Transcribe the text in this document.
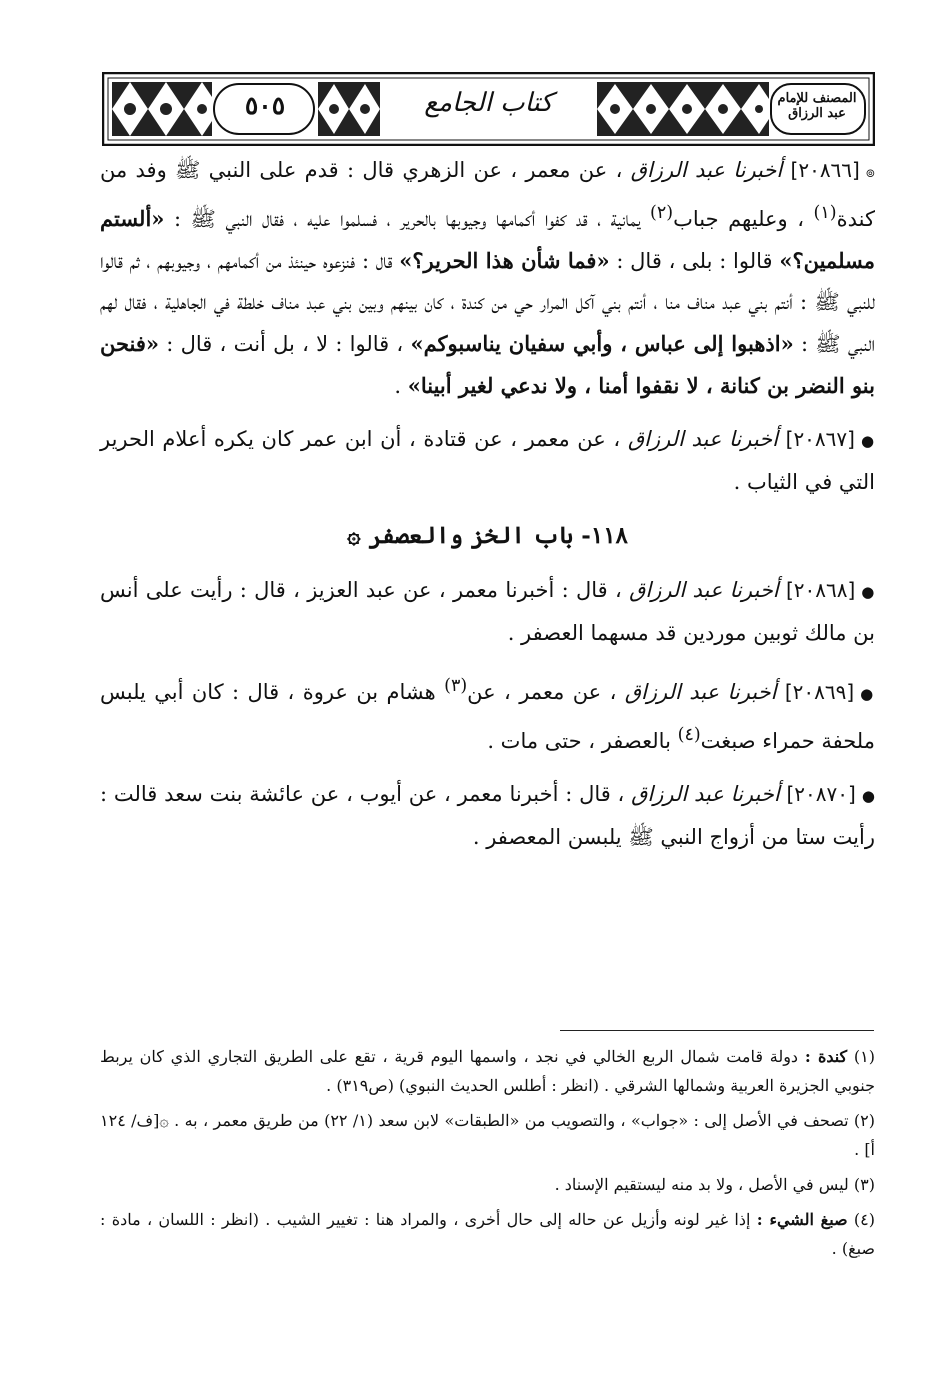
٥٠٥	كتاب الجامع	المصنف للإمام عبد الرزاق

๏[٢٠٨٦٦] أخبرنا عبد الرزاق ، عن معمر ، عن الزهري قال : قدم على النبي ﷺ وفد من كندة$^{(١)}$ ، وعليهم جباب$^{(٢)}$ يمانية ، قد كفوا أكمامها وجيوبها بالحرير ، فسلموا عليه ، فقال النبي ﷺ : «ألستم مسلمين؟» قالوا : بلى ، قال : «فما شأن هذا الحرير؟» قال : فنزعوه حينئذ من أكمامهم ، وجيوبهم ، ثم قالوا للنبي ﷺ : أنتم بني عبد مناف منا ، أنتم بني آكل المرار حي من كندة ، كان بينهم وبين بني عبد مناف خلطة في الجاهلية ، فقال لهم النبي ﷺ : «اذهبوا إلى عباس ، وأبي سفيان يناسبوكم» ، قالوا : لا ، بل أنت ، قال : «فنحن بنو النضر بن كنانة ، لا نقفوا أمنا ، ولا ندعي لغير أبينا» .

●[٢٠٨٦٧] أخبرنا عبد الرزاق ، عن معمر ، عن قتادة ، أن ابن عمر كان يكره أعلام الحرير التي في الثياب .

١١٨- باب الخز والعصفر ۞

●[٢٠٨٦٨] أخبرنا عبد الرزاق ، قال : أخبرنا معمر ، عن عبد العزيز ، قال : رأيت على أنس بن مالك ثوبين موردين قد مسهما العصفر .

●[٢٠٨٦٩] أخبرنا عبد الرزاق ، عن معمر ، عن$^{(٣)}$ هشام بن عروة ، قال : كان أبي يلبس ملحفة حمراء صبغت$^{(٤)}$ بالعصفر ، حتى مات .

●[٢٠٨٧٠] أخبرنا عبد الرزاق ، قال : أخبرنا معمر ، عن أيوب ، عن عائشة بنت سعد قالت : رأيت ستا من أزواج النبي ﷺ يلبسن المعصفر .

(١) كندة : دولة قامت شمال الربع الخالي في نجد ، واسمها اليوم قرية ، تقع على الطريق التجاري الذي كان يربط جنوبي الجزيرة العربية وشمالها الشرقي . (انظر : أطلس الحديث النبوي) (ص٣١٩) .

(٢) تصحف في الأصل إلى : «جواب» ، والتصويب من «الطبقات» لابن سعد (١/ ٢٢) من طريق معمر ، به . ۞[ف/ ١٢٤ أ] .

(٣) ليس في الأصل ، ولا بد منه ليستقيم الإسناد .

(٤) صبغ الشيء : إذا غير لونه وأزيل عن حاله إلى حال أخرى ، والمراد هنا : تغيير الشيب . (انظر : اللسان ، مادة : صبغ) .
